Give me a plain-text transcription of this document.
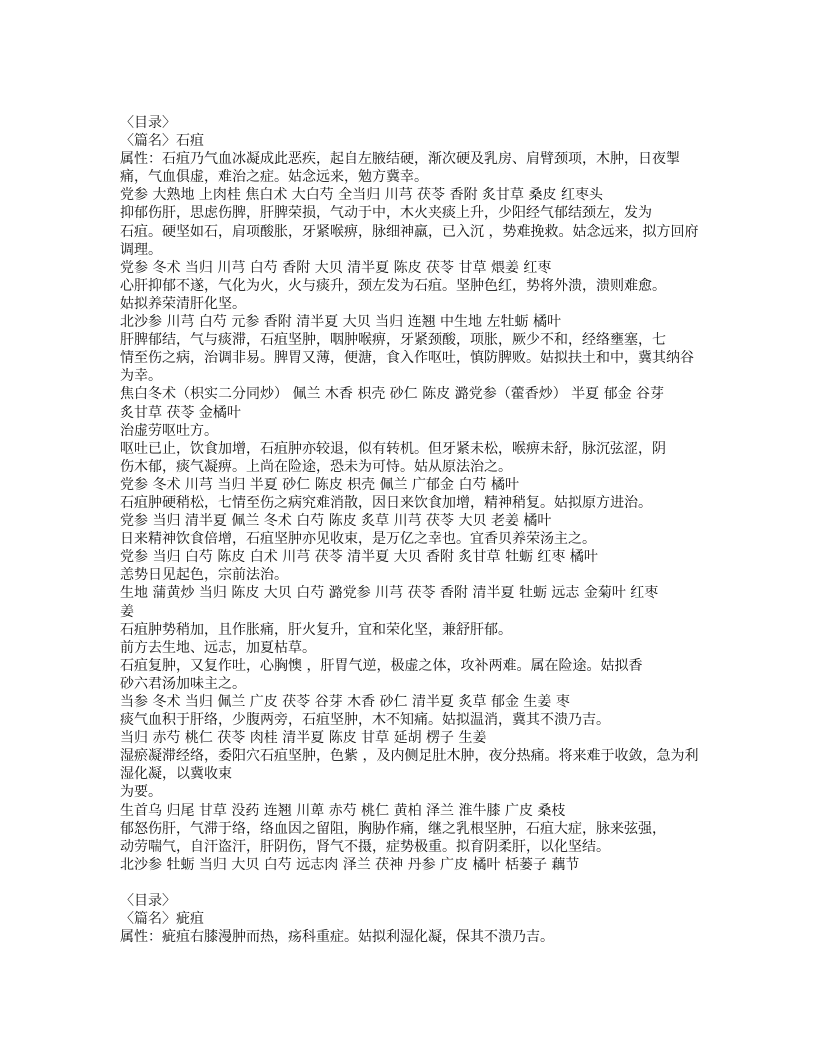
〈目录〉
〈篇名〉石疽
属性：石疽乃气血冰凝成此恶疾，起自左腋结硬，渐次硬及乳房、肩臂颈项，木肿，日夜掣
痛，气血俱虚，难治之症。姑念远来，勉方冀幸。
党参 大熟地 上肉桂 焦白术 大白芍 全当归 川芎 茯苓 香附 炙甘草 桑皮 红枣头
抑郁伤肝，思虑伤脾，肝脾荣损，气动于中，木火夹痰上升，少阳经气郁结颈左，发为
石疽。硬坚如石，肩项酸胀，牙紧喉痹，脉细神羸，已入沉 ，势难挽救。姑念远来，拟方回府
调理。
党参 冬术 当归 川芎 白芍 香附 大贝 清半夏 陈皮 茯苓 甘草 煨姜 红枣
心肝抑郁不遂，气化为火，火与痰升，颈左发为石疽。坚肿色红，势将外溃，溃则难愈。
姑拟养荣清肝化坚。
北沙参 川芎 白芍 元参 香附 清半夏 大贝 当归 连翘 中生地 左牡蛎 橘叶
肝脾郁结，气与痰滞，石疽坚肿，咽肿喉痹，牙紧颈酸，项胀，厥少不和，经络壅塞，七
情至伤之病，治调非易。脾胃又薄，便溏，食入作呕吐，慎防脾败。姑拟扶土和中，冀其纳谷
为幸。
焦白冬术（枳实二分同炒） 佩兰 木香 枳壳 砂仁 陈皮 潞党参（藿香炒） 半夏 郁金 谷芽
炙甘草 茯苓 金橘叶
治虚劳呕吐方。
呕吐已止，饮食加增，石疽肿亦较退，似有转机。但牙紧未松，喉痹未舒，脉沉弦涩，阴
伤木郁，痰气凝痹。上尚在险途，恐未为可恃。姑从原法治之。
党参 冬术 川芎 当归 半夏 砂仁 陈皮 枳壳 佩兰 广郁金 白芍 橘叶
石疽肿硬稍松，七情至伤之病究难消散，因日来饮食加增，精神稍复。姑拟原方进治。
党参 当归 清半夏 佩兰 冬术 白芍 陈皮 炙草 川芎 茯苓 大贝 老姜 橘叶
日来精神饮食倍增，石疽坚肿亦见收束，是万亿之幸也。宜香贝养荣汤主之。
党参 当归 白芍 陈皮 白术 川芎 茯苓 清半夏 大贝 香附 炙甘草 牡蛎 红枣 橘叶
恙势日见起色，宗前法治。
生地 蒲黄炒 当归 陈皮 大贝 白芍 潞党参 川芎 茯苓 香附 清半夏 牡蛎 远志 金菊叶 红枣
姜
石疽肿势稍加，且作胀痛，肝火复升，宜和荣化坚，兼舒肝郁。
前方去生地、远志，加夏枯草。
石疽复肿，又复作吐，心胸懊 ，肝胃气逆，极虚之体，攻补两难。属在险途。姑拟香
砂六君汤加味主之。
当参 冬术 当归 佩兰 广皮 茯苓 谷芽 木香 砂仁 清半夏 炙草 郁金 生姜 枣
痰气血积于肝络，少腹两旁，石疽坚肿，木不知痛。姑拟温消，冀其不溃乃吉。
当归 赤芍 桃仁 茯苓 肉桂 清半夏 陈皮 甘草 延胡 楞子 生姜
湿瘀凝滞经络，委阳穴石疽坚肿，色紫 ，及内侧足肚木肿，夜分热痛。将来难于收敛，急为利
湿化凝，以冀收束
为要。
生首乌 归尾 甘草 没药 连翘 川萆 赤芍 桃仁 黄柏 泽兰 淮牛膝 广皮 桑枝
郁怒伤肝，气滞于络，络血因之留阻，胸胁作痛，继之乳根坚肿，石疽大症，脉来弦强，
动劳喘气，自汗盗汗，肝阴伤，肾气不摄，症势极重。拟育阴柔肝，以化坚结。
北沙参 牡蛎 当归 大贝 白芍 远志肉 泽兰 茯神 丹参 广皮 橘叶 栝蒌子 藕节
〈目录〉
〈篇名〉疵疽
属性：疵疽右膝漫肿而热，疡科重症。姑拟利湿化凝，保其不溃乃吉。
